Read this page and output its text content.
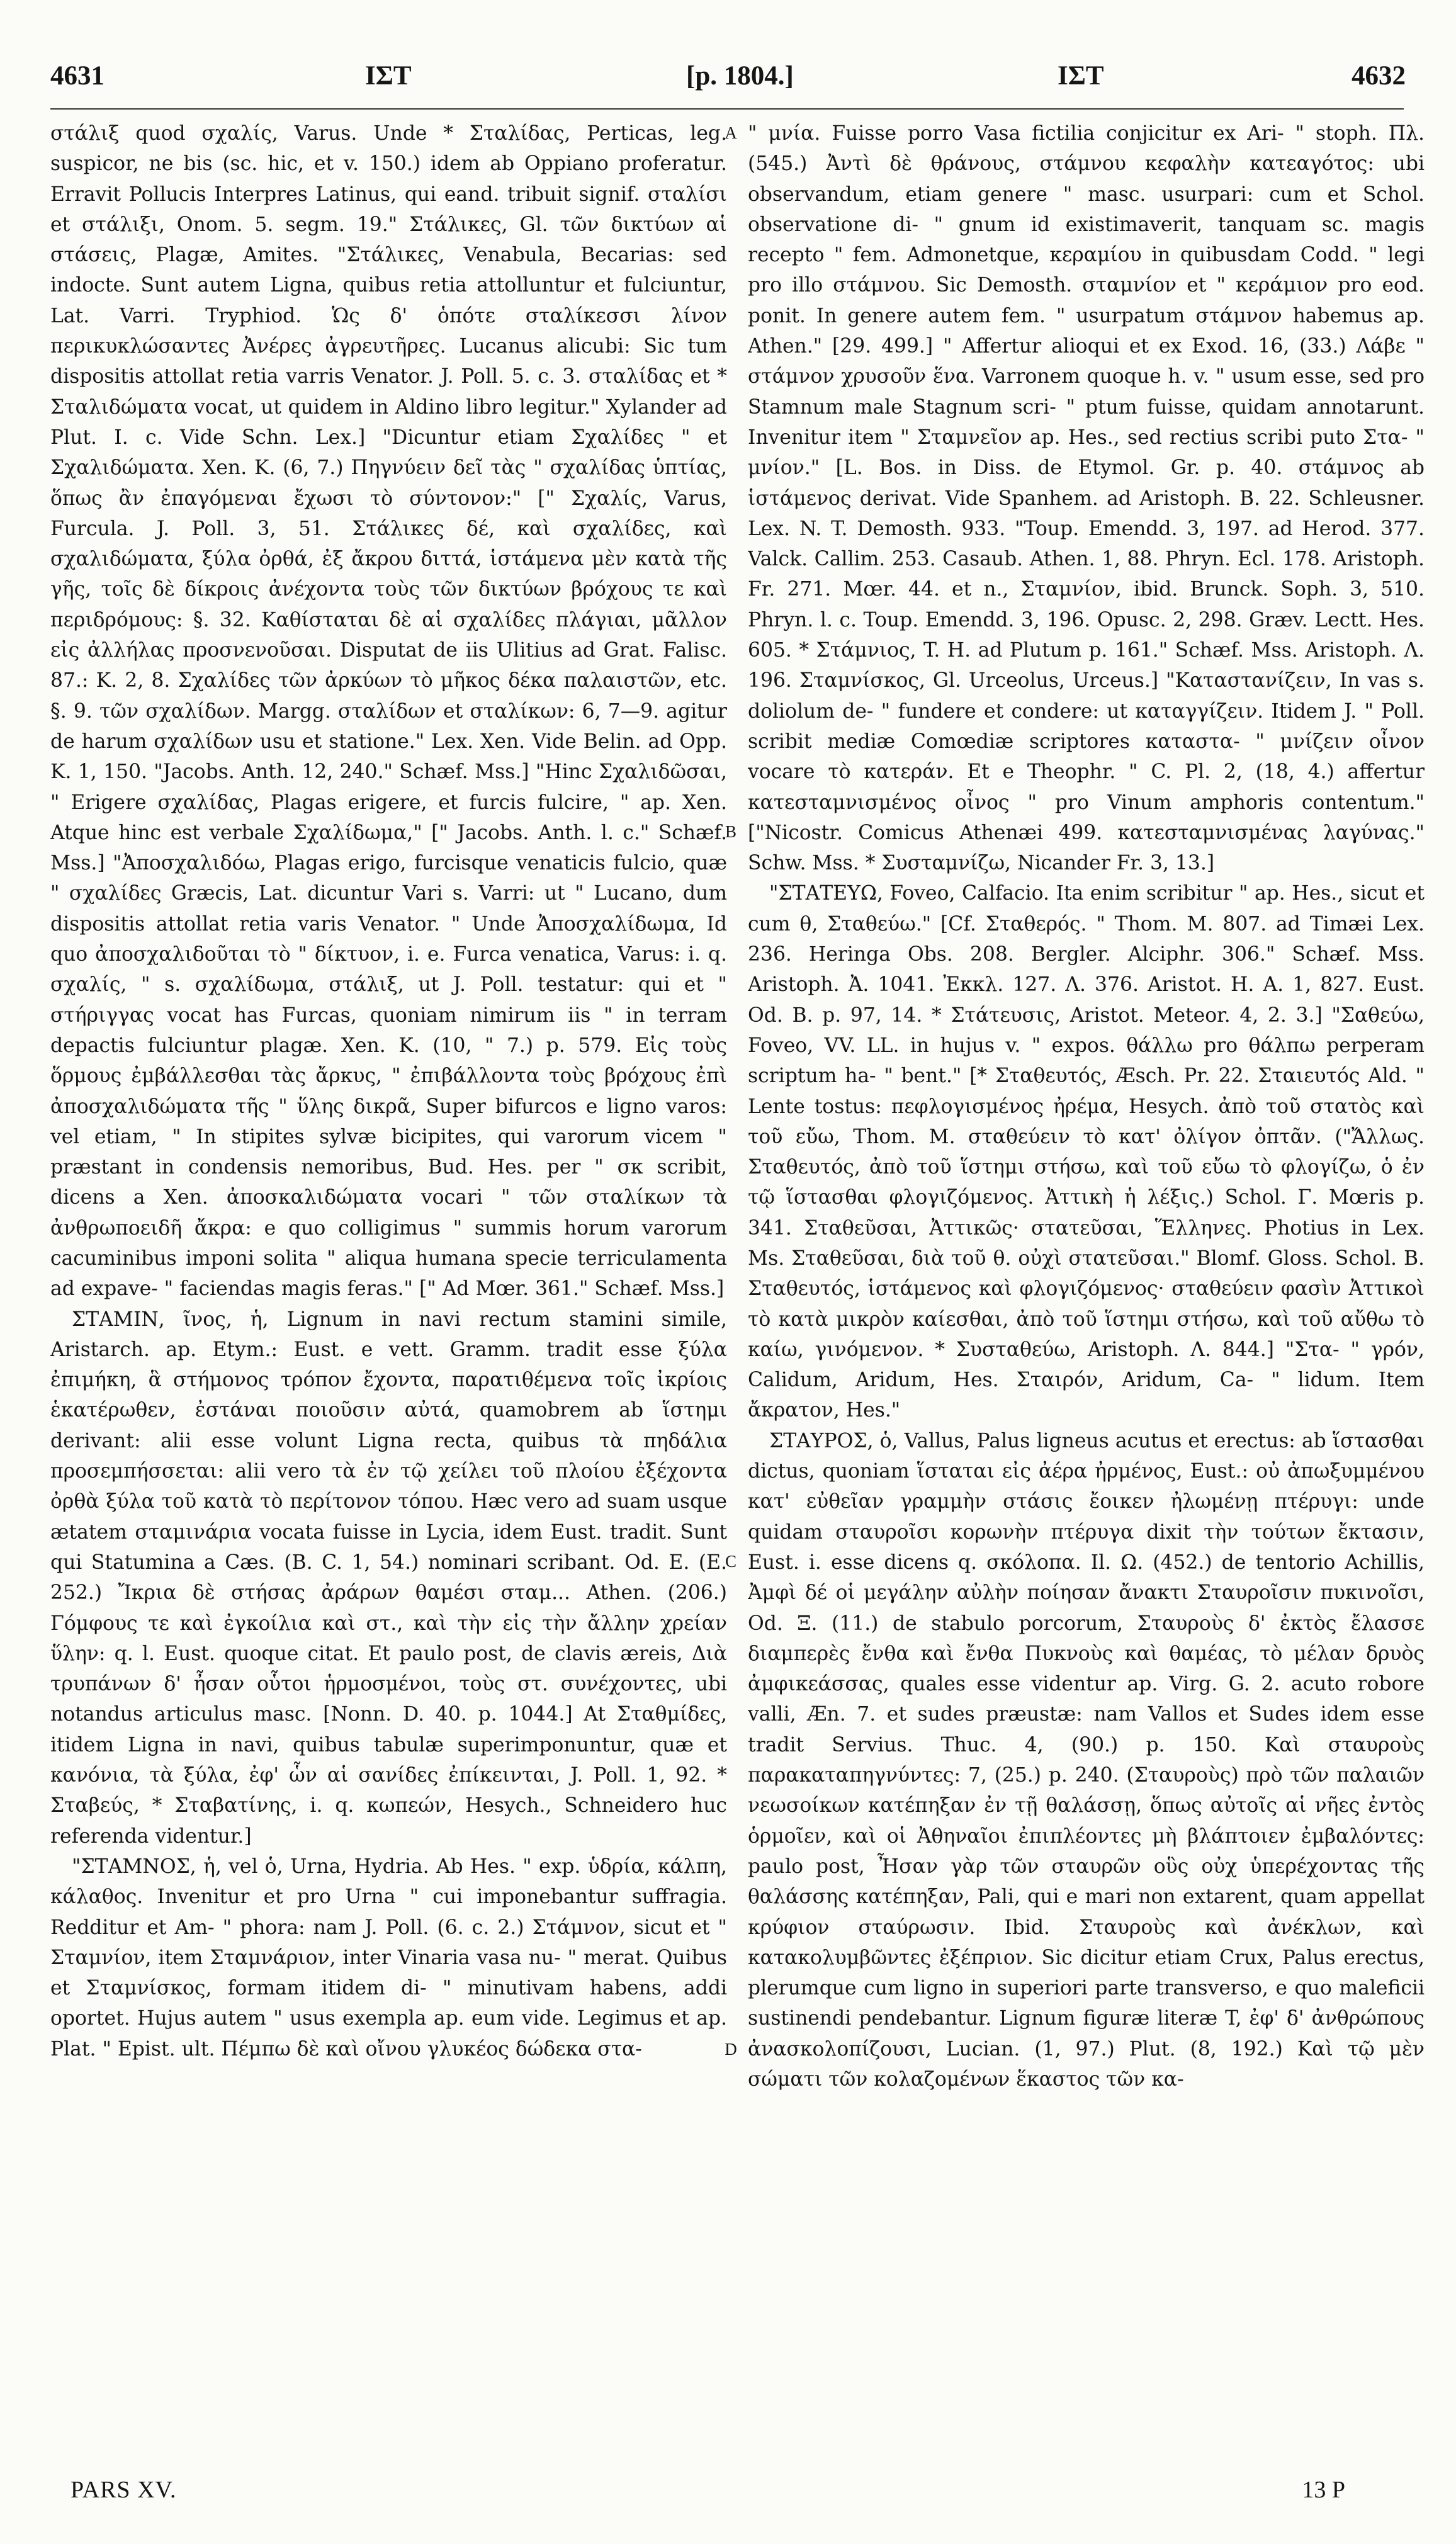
4631	ΙΣΤ	[p. 1804.]	ΙΣΤ	4632

στάλιξ quod σχαλίς, Varus. Unde * Σταλίδας, Perticas, leg. suspicor, ne bis (sc. hic, et v. 150.) idem ab Oppiano proferatur. Erravit Pollucis Interpres Latinus, qui eand. tribuit signif. σταλίσι et στάλιξι, Onom. 5. segm. 19." Στάλικες, Gl. τῶν δικτύων αἱ στάσεις, Plagæ, Amites. "Στάλικες, Venabula, Becarias: sed indocte. Sunt autem Ligna, quibus retia attolluntur et fulciuntur, Lat. Varri. Tryphiod. Ὡς δ' ὁπότε σταλίκεσσι λίνον περικυκλώσαντες Ἀνέρες ἀγρευτῆρες. Lucanus alicubi: Sic tum dispositis attollat retia varris Venator. J. Poll. 5. c. 3. σταλίδας et * Σταλιδώματα vocat, ut quidem in Aldino libro legitur." Xylander ad Plut. I. c. Vide Schn. Lex.] "Dicuntur etiam Σχαλίδες " et Σχαλιδώματα. Xen. K. (6, 7.) Πηγνύειν δεῖ τὰς " σχαλίδας ὑπτίας, ὅπως ἂν ἐπαγόμεναι ἔχωσι τὸ σύντονον:" [" Σχαλίς, Varus, Furcula. J. Poll. 3, 51. Στάλικες δέ, καὶ σχαλίδες, καὶ σχαλιδώματα, ξύλα ὀρθά, ἐξ ἄκρου διττά, ἱστάμενα μὲν κατὰ τῆς γῆς, τοῖς δὲ δίκροις ἀνέχοντα τοὺς τῶν δικτύων βρόχους τε καὶ περιδρόμους: §. 32. Καθίσταται δὲ αἱ σχαλίδες πλάγιαι, μᾶλλον εἰς ἀλλήλας προσνενοῦσαι. Disputat de iis Ulitius ad Grat. Falisc. 87.: K. 2, 8. Σχαλίδες τῶν ἀρκύων τὸ μῆκος δέκα παλαιστῶν, etc. §. 9. τῶν σχαλίδων. Margg. σταλίδων et σταλίκων: 6, 7—9. agitur de harum σχαλίδων usu et statione." Lex. Xen. Vide Belin. ad Opp. K. 1, 150. "Jacobs. Anth. 12, 240." Schæf. Mss.] "Hinc Σχαλιδῶσαι, " Erigere σχαλίδας, Plagas erigere, et furcis fulcire, " ap. Xen. Atque hinc est verbale Σχαλίδωμα," [" Jacobs. Anth. l. c." Schæf. Mss.] "Ἀποσχαλιδόω, Plagas erigo, furcisque venaticis fulcio, quæ " σχαλίδες Græcis, Lat. dicuntur Vari s. Varri: ut " Lucano, dum dispositis attollat retia varis Venator. " Unde Ἀποσχαλίδωμα, Id quo ἀποσχαλιδοῦται τὸ " δίκτυον, i. e. Furca venatica, Varus: i. q. σχαλίς, " s. σχαλίδωμα, στάλιξ, ut J. Poll. testatur: qui et " στήριγγας vocat has Furcas, quoniam nimirum iis " in terram depactis fulciuntur plagæ. Xen. K. (10, " 7.) p. 579. Εἰς τοὺς ὅρμους ἐμβάλλεσθαι τὰς ἄρκυς, " ἐπιβάλλοντα τοὺς βρόχους ἐπὶ ἀποσχαλιδώματα τῆς " ὕλης δικρᾶ, Super bifurcos e ligno varos: vel etiam, " In stipites sylvæ bicipites, qui varorum vicem " præstant in condensis nemoribus, Bud. Hes. per " σκ scribit, dicens a Xen. ἀποσκαλιδώματα vocari " τῶν σταλίκων τὰ ἀνθρωποειδῆ ἄκρα: e quo colligimus " summis horum varorum cacuminibus imponi solita " aliqua humana specie terriculamenta ad expave- " faciendas magis feras." [" Ad Mœr. 361." Schæf. Mss.]

ΣΤΑΜΙΝ, ῖνος, ἡ, Lignum in navi rectum stamini simile, Aristarch. ap. Etym.: Eust. e vett. Gramm. tradit esse ξύλα ἐπιμήκη, ἃ στήμονος τρόπον ἔχοντα, παρατιθέμενα τοῖς ἰκρίοις ἑκατέρωθεν, ἐστάναι ποιοῦσιν αὐτά, quamobrem ab ἵστημι derivant: alii esse volunt Ligna recta, quibus τὰ πηδάλια προσεμπήσσεται: alii vero τὰ ἐν τῷ χείλει τοῦ πλοίου ἐξέχοντα ὀρθὰ ξύλα τοῦ κατὰ τὸ περίτονον τόπου. Hæc vero ad suam usque ætatem σταμινάρια vocata fuisse in Lycia, idem Eust. tradit. Sunt qui Statumina a Cæs. (B. C. 1, 54.) nominari scribant. Od. E. (E. 252.) Ἴκρια δὲ στήσας ἀράρων θαμέσι σταμ... Athen. (206.) Γόμφους τε καὶ ἐγκοίλια καὶ στ., καὶ τὴν εἰς τὴν ἄλλην χρείαν ὕλην: q. l. Eust. quoque citat. Et paulo post, de clavis æreis, Διὰ τρυπάνων δ' ἦσαν οὗτοι ἡρμοσμένοι, τοὺς στ. συνέχοντες, ubi notandus articulus masc. [Nonn. D. 40. p. 1044.] At Σταθμίδες, itidem Ligna in navi, quibus tabulæ superimponuntur, quæ et κανόνια, τὰ ξύλα, ἐφ' ὧν αἱ σανίδες ἐπίκεινται, J. Poll. 1, 92. * Σταβεύς, * Σταβατίνης, i. q. κωπεών, Hesych., Schneidero huc referenda videntur.]

"ΣΤΑΜΝΟΣ, ἡ, vel ὁ, Urna, Hydria. Ab Hes. " exp. ὑδρία, κάλπη, κάλαθος. Invenitur et pro Urna " cui imponebantur suffragia. Redditur et Am- " phora: nam J. Poll. (6. c. 2.) Στάμνον, sicut et " Σταμνίον, item Σταμνάριον, inter Vinaria vasa nu- " merat. Quibus et Σταμνίσκος, formam itidem di- " minutivam habens, addi oportet. Hujus autem " usus exempla ap. eum vide. Legimus et ap. Plat. " Epist. ult. Πέμπω δὲ καὶ οἴνου γλυκέος δώδεκα στα-

A
B
C
D

" μνία. Fuisse porro Vasa fictilia conjicitur ex Ari- " stoph. Πλ. (545.) Ἀντὶ δὲ θράνους, στάμνου κεφαλὴν κατεαγότος: ubi observandum, etiam genere " masc. usurpari: cum et Schol. observatione di- " gnum id existimaverit, tanquam sc. magis recepto " fem. Admonetque, κεραμίου in quibusdam Codd. " legi pro illo στάμνου. Sic Demosth. σταμνίον et " κεράμιον pro eod. ponit. In genere autem fem. " usurpatum στάμνον habemus ap. Athen." [29. 499.] " Affertur alioqui et ex Exod. 16, (33.) Λάβε " στάμνον χρυσοῦν ἕνα. Varronem quoque h. v. " usum esse, sed pro Stamnum male Stagnum scri- " ptum fuisse, quidam annotarunt. Invenitur item " Σταμνεῖον ap. Hes., sed rectius scribi puto Στα- " μνίον." [L. Bos. in Diss. de Etymol. Gr. p. 40. στάμνος ab ἱστάμενος derivat. Vide Spanhem. ad Aristoph. B. 22. Schleusner. Lex. N. T. Demosth. 933. "Toup. Emendd. 3, 197. ad Herod. 377. Valck. Callim. 253. Casaub. Athen. 1, 88. Phryn. Ecl. 178. Aristoph. Fr. 271. Mœr. 44. et n., Σταμνίον, ibid. Brunck. Soph. 3, 510. Phryn. l. c. Toup. Emendd. 3, 196. Opusc. 2, 298. Græv. Lectt. Hes. 605. * Στάμνιος, T. H. ad Plutum p. 161." Schæf. Mss. Aristoph. Λ. 196. Σταμνίσκος, Gl. Urceolus, Urceus.] "Καταστανίζειν, In vas s. doliolum de- " fundere et condere: ut καταγγίζειν. Itidem J. " Poll. scribit mediæ Comœdiæ scriptores καταστα- " μνίζειν οἶνον vocare τὸ κατεράν. Et e Theophr. " C. Pl. 2, (18, 4.) affertur κατεσταμνισμένος οἶνος " pro Vinum amphoris contentum." ["Nicostr. Comicus Athenæi 499. κατεσταμνισμένας λαγύνας." Schw. Mss. * Συσταμνίζω, Nicander Fr. 3, 13.]

"ΣΤΑΤΕΥΩ, Foveo, Calfacio. Ita enim scribitur " ap. Hes., sicut et cum θ, Σταθεύω." [Cf. Σταθερός. " Thom. M. 807. ad Timæi Lex. 236. Heringa Obs. 208. Bergler. Alciphr. 306." Schæf. Mss. Aristoph. Ἀ. 1041. Ἐκκλ. 127. Λ. 376. Aristot. H. A. 1, 827. Eust. Od. B. p. 97, 14. * Στάτευσις, Aristot. Meteor. 4, 2. 3.] "Σαθεύω, Foveo, VV. LL. in hujus v. " expos. θάλλω pro θάλπω perperam scriptum ha- " bent." [* Σταθευτός, Æsch. Pr. 22. Σταιευτός Ald. " Lente tostus: πεφλογισμένος ἠρέμα, Hesych. ἀπὸ τοῦ στατὸς καὶ τοῦ εὔω, Thom. M. σταθεύειν τὸ κατ' ὀλίγον ὀπτᾶν. ("Ἄλλως. Σταθευτός, ἀπὸ τοῦ ἵστημι στήσω, καὶ τοῦ εὔω τὸ φλογίζω, ὁ ἐν τῷ ἵστασθαι φλογιζόμενος. Ἀττικὴ ἡ λέξις.) Schol. Γ. Mœris p. 341. Σταθεῦσαι, Ἀττικῶς· στατεῦσαι, Ἕλληνες. Photius in Lex. Ms. Σταθεῦσαι, διὰ τοῦ θ. οὐχὶ στατεῦσαι." Blomf. Gloss. Schol. B. Σταθευτός, ἱστάμενος καὶ φλογιζόμενος· σταθεύειν φασὶν Ἀττικοὶ τὸ κατὰ μικρὸν καίεσθαι, ἀπὸ τοῦ ἵστημι στήσω, καὶ τοῦ αὔθω τὸ καίω, γινόμενον. * Συσταθεύω, Aristoph. Λ. 844.] "Στα- " γρόν, Calidum, Aridum, Hes. Σταιρόν, Aridum, Ca- " lidum. Item ἄκρατον, Hes."

ΣΤΑΥΡΟΣ, ὁ, Vallus, Palus ligneus acutus et erectus: ab ἵστασθαι dictus, quoniam ἵσταται εἰς ἀέρα ἠρμένος, Eust.: οὐ ἀπωξυμμένου κατ' εὐθεῖαν γραμμὴν στάσις ἔοικεν ἠλωμένῃ πτέρυγι: unde quidam σταυροῖσι κορωνὴν πτέρυγα dixit τὴν τούτων ἔκτασιν, Eust. i. esse dicens q. σκόλοπα. Il. Ω. (452.) de tentorio Achillis, Ἀμφὶ δέ οἱ μεγάλην αὐλὴν ποίησαν ἄνακτι Σταυροῖσιν πυκινοῖσι, Od. Ξ. (11.) de stabulo porcorum, Σταυροὺς δ' ἐκτὸς ἔλασσε διαμπερὲς ἔνθα καὶ ἔνθα Πυκνοὺς καὶ θαμέας, τὸ μέλαν δρυὸς ἀμφικεάσσας, quales esse videntur ap. Virg. G. 2. acuto robore valli, Æn. 7. et sudes præustæ: nam Vallos et Sudes idem esse tradit Servius. Thuc. 4, (90.) p. 150. Καὶ σταυροὺς παρακαταπηγνύντες: 7, (25.) p. 240. (Σταυροὺς) πρὸ τῶν παλαιῶν νεωσοίκων κατέπηξαν ἐν τῇ θαλάσσῃ, ὅπως αὐτοῖς αἱ νῆες ἐντὸς ὁρμοῖεν, καὶ οἱ Ἀθηναῖοι ἐπιπλέοντες μὴ βλάπτοιεν ἐμβαλόντες: paulo post, Ἦσαν γὰρ τῶν σταυρῶν οὓς οὐχ ὑπερέχοντας τῆς θαλάσσης κατέπηξαν, Pali, qui e mari non extarent, quam appellat κρύφιον σταύρωσιν. Ibid. Σταυροὺς καὶ ἀνέκλων, καὶ κατακολυμβῶντες ἐξέπριον. Sic dicitur etiam Crux, Palus erectus, plerumque cum ligno in superiori parte transverso, e quo maleficii sustinendi pendebantur. Lignum figuræ literæ T, ἐφ' δ' ἀνθρώπους ἀνασκολοπίζουσι, Lucian. (1, 97.) Plut. (8, 192.) Καὶ τῷ μὲν σώματι τῶν κολαζομένων ἕκαστος τῶν κα-

PARS XV.	13 P
